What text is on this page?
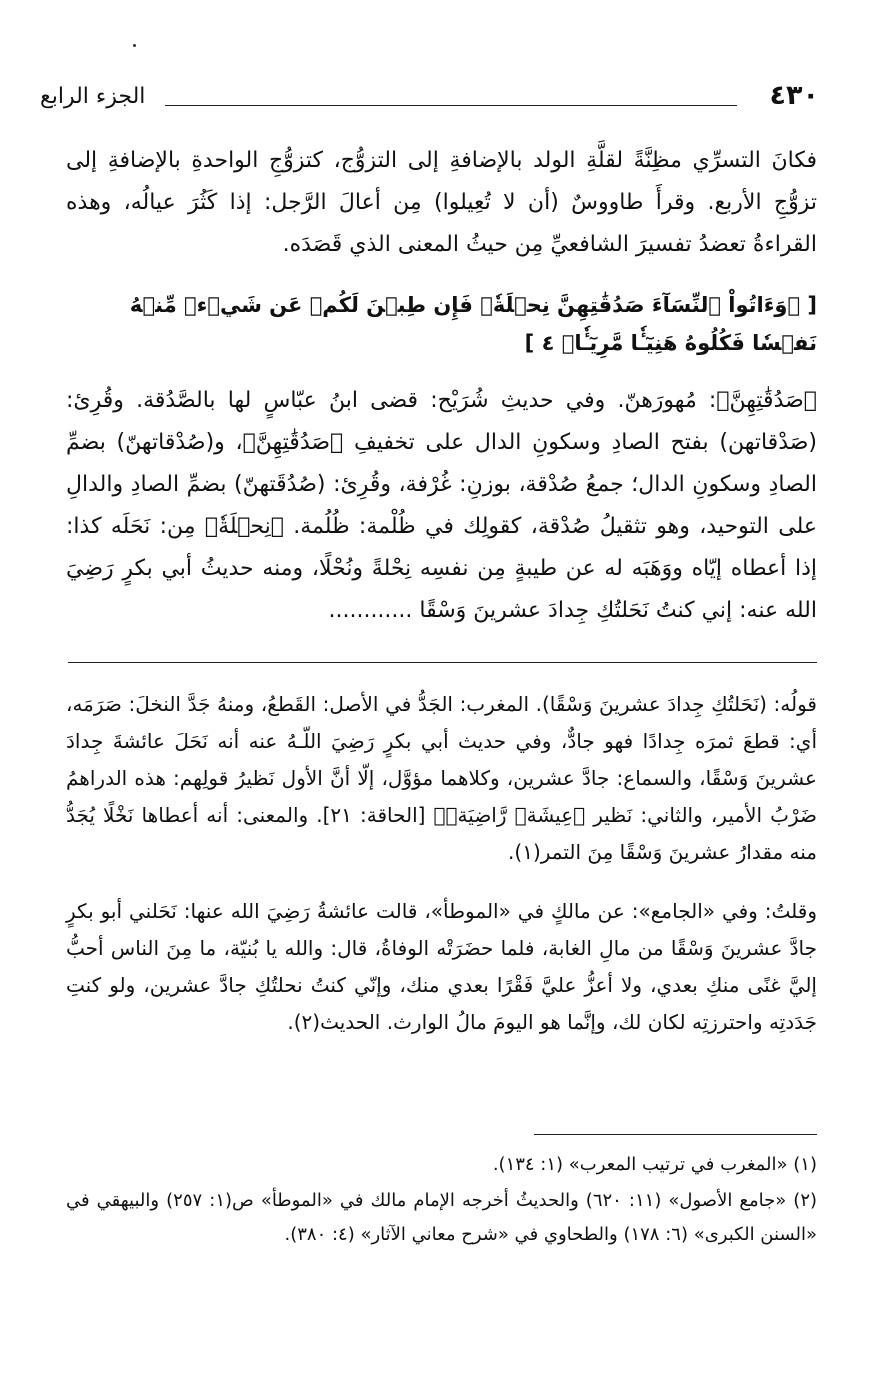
٤٣٠
الجزء الرابع

فكانَ التسرِّي مظِنَّةً لقلَّةِ الولد بالإضافةِ إلى التزوُّج، كتزوُّجِ الواحدةِ بالإضافةِ إلى تزوُّجِ الأربع. وقرأَ طاووسٌ (أن لا تُعِيلوا) مِن أعالَ الرَّجل: إذا كَثُرَ عيالُه، وهذه القراءةُ تعضدُ تفسيرَ الشافعيِّ مِن حيثُ المعنى الذي قَصَدَه.

[ ﴿وَءَاتُواْ ٱلنِّسَآءَ صَدُقَٰتِهِنَّ نِحۡلَةٗۚ فَإِن طِبۡنَ لَكُمۡ عَن شَيۡءٖ مِّنۡهُ نَفۡسٗا فَكُلُوهُ هَنِيٓـٔٗا مَّرِيٓـٔٗا﴾ ٤ ]

﴿صَدُقَٰتِهِنَّ﴾: مُهورَهنّ. وفي حديثِ شُرَيْح: قضى ابنُ عبّاسٍ لها بالصَّدُقة. وقُرِئ: (صَدْقاتهن) بفتح الصادِ وسكونِ الدال على تخفيفِ ﴿صَدُقَٰتِهِنَّ﴾، و(صُدْقاتهنّ) بضمِّ الصادِ وسكونِ الدال؛ جمعُ صُدْقة، بوزنِ: غُرْفة، وقُرِئ: (صُدُقَتهنّ) بضمِّ الصادِ والدالِ على التوحيد، وهو تثقيلُ صُدْقة، كقولِك في ظُلْمة: ظُلُمة. ﴿نِحۡلَةٗ﴾ مِن: نَحَلَه كذا: إذا أعطاه إيّاه ووَهَبَه له عن طيبةٍ مِن نفسِه نِحْلةً ونُحْلًا، ومنه حديثُ أبي بكرٍ رَضِيَ الله عنه: إني كنتُ نَحَلتُكِ جِدادَ عشرينَ وَسْقًا ............

قولُه: (نَحَلتُكِ جِدادَ عشرينَ وَسْقًا). المغرب: الجَدُّ في الأصل: القَطعُ، ومنهُ جَدَّ النخلَ: صَرَمَه، أي: قطعَ ثمرَه جِدادًا فهو جادٌّ، وفي حديث أبي بكرٍ رَضِيَ اللّـهُ عنه أنه نَحَلَ عائشةَ جِدادَ عشرينَ وَسْقًا، والسماع: جادَّ عشرين، وكلاهما مؤوَّل، إلّا أنَّ الأول نَظيرُ قولِهم: هذه الدراهمُ ضَرْبُ الأمير، والثاني: نَظير ﴿عِيشَةٖ رَّاضِيَةٖ﴾ [الحاقة: ٢١]. والمعنى: أنه أعطاها نَخْلًا يُجَدُّ منه مقدارُ عشرينَ وَسْقًا مِنَ التمر(١).

وقلتُ: وفي «الجامع»: عن مالكٍ في «الموطأ»، قالت عائشةُ رَضِيَ الله عنها: نَحَلني أبو بكرٍ جادَّ عشرينَ وَسْقًا من مالِ الغابة، فلما حضَرَتْه الوفاةُ، قال: والله يا بُنيّة، ما مِنَ الناس أحبُّ إليَّ غنًى منكِ بعدي، ولا أعزُّ عليَّ فَقْرًا بعدي منك، وإنّي كنتُ نحلتُكِ جادَّ عشرين، ولو كنتِ جَدَدتِه واحترزتِه لكان لك، وإنَّما هو اليومَ مالُ الوارث. الحديث(٢).

(١) «المغرب في ترتيب المعرب» (١: ١٣٤).

(٢) «جامع الأصول» (١١: ٦٢٠) والحديثُ أخرجه الإمام مالك في «الموطأ» ص(١: ٢٥٧) والبيهقي في «السنن الكبرى» (٦: ١٧٨) والطحاوي في «شرح معاني الآثار» (٤: ٣٨٠).
